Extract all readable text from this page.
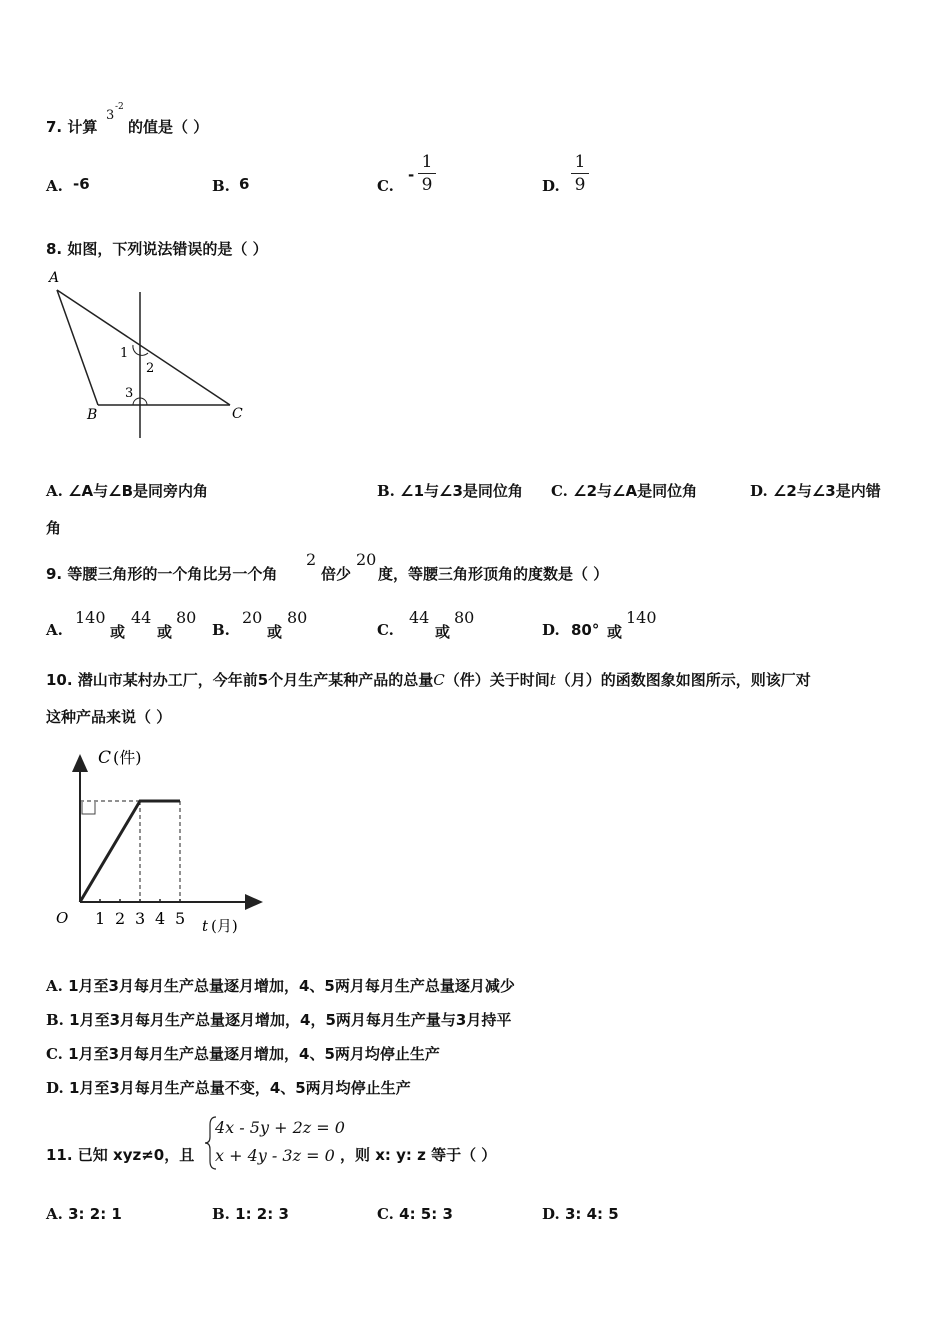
7. 计算
3
-2
的值是（ ）
A. -6	B. 6	C.
-
1
9	D.
1
9
8. 如图，下列说法错误的是（ ）
A
B	C
1
2
3
A. ∠A与∠B是同旁内角	B. ∠1与∠3是同位角 C. ∠2与∠A是同位角	D. ∠2与∠3是内错
角
9. 等腰三角形的一个角比另一个角
2
倍少
20
度，等腰三角形顶角的度数是（ ）
A.
140
或
44
或
80
B.
20
或
80
C.
44
或
80
D. 80° 或
140
10. 潜山市某村办工厂，今年前5个月生产某种产品的总量C（件）关于时间t（月）的函数图象如图所示，则该厂对
这种产品来说（ ）
1 2 3 4 5
C (件)
t (月)
O
A. 1月至3月每月生产总量逐月增加，4、5两月每月生产总量逐月减少
B. 1月至3月每月生产总量逐月增加，4，5两月每月生产量与3月持平
C. 1月至3月每月生产总量逐月增加，4、5两月均停止生产
D. 1月至3月每月生产总量不变，4、5两月均停止生产
11. 已知 xyz≠0，且
4x - 5y + 2z = 0
x + 4y - 3z = 0 ，则 x: y: z 等于（ ）
A. 3: 2: 1	B. 1: 2: 3	C. 4: 5: 3	D. 3: 4: 5
